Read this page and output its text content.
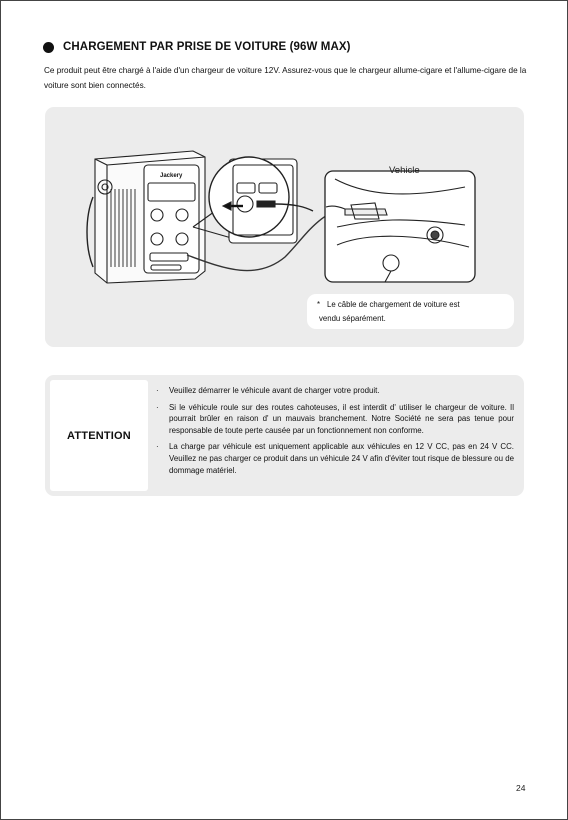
CHARGEMENT PAR PRISE DE VOITURE (96W MAX)
Ce produit peut être chargé à l'aide d'un chargeur de voiture 12V. Assurez-vous que le chargeur allume-cigare et l'allume-cigare de la voiture sont bien connectés.
Jackery	Vehicle
* Le câble de chargement de voiture est
vendu séparément.
ATTENTION
· Veuillez démarrer le véhicule avant de charger votre produit.
· Si le véhicule roule sur des routes cahoteuses, il est interdit d' utiliser le chargeur de voiture. Il pourrait brûler en raison d' un mauvais branchement. Notre Société ne sera pas tenue pour responsable de toute perte causée par un fonctionnement non conforme.
· La charge par véhicule est uniquement applicable aux véhicules en 12 V CC, pas en 24 V CC. Veuillez ne pas charger ce produit dans un véhicule 24 V afin d'éviter tout risque de blessure ou de dommage matériel.
24
